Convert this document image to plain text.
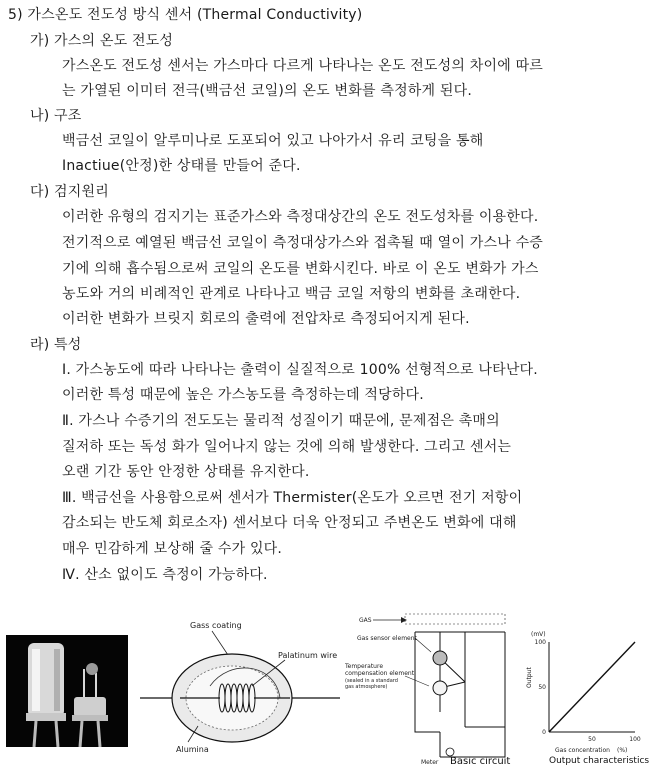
5) 가스온도 전도성 방식 센서 (Thermal Conductivity)
가) 가스의 온도 전도성
가스온도 전도성 센서는 가스마다 다르게 나타나는 온도 전도성의 차이에 따르
는 가열된 이미터 전극(백금선 코일)의 온도 변화를 측정하게 된다.
나) 구조
백금선 코일이 알루미나로 도포되어 있고 나아가서 유리 코팅을 통해
Inactiue(안정)한 상태를 만들어 준다.
다) 검지원리
이러한 유형의 검지기는 표준가스와 측정대상간의 온도 전도성차를 이용한다.
전기적으로 예열된 백금선 코일이 측정대상가스와 접촉될 때 열이 가스나 수증
기에 의해 흡수됨으로써 코일의 온도를 변화시킨다. 바로 이 온도 변화가 가스
농도와 거의 비례적인 관계로 나타나고 백금 코일 저항의 변화를 초래한다.
이러한 변화가 브릿지 회로의 출력에 전압차로 측정되어지게 된다.
라) 특성
Ⅰ. 가스농도에 따라 나타나는 출력이 실질적으로 100% 선형적으로 나타난다.
이러한 특성 때문에 높은 가스농도를 측정하는데 적당하다.
Ⅱ. 가스나 수증기의 전도도는 물리적 성질이기 때문에, 문제점은 촉매의
질저하 또는 독성 화가 일어나지 않는 것에 의해 발생한다. 그리고 센서는
오랜 기간 동안 안정한 상태를 유지한다.
Ⅲ. 백금선을 사용함으로써 센서가 Thermister(온도가 오르면 전기 저항이
감소되는 반도체 회로소자) 센서보다 더욱 안정되고 주변온도 변화에 대해
매우 민감하게 보상해 줄 수가 있다.
Ⅳ. 산소 없이도 측정이 가능하다.
Gass coating
Palatinum wire
Alumina
GAS
Gas sensor element
Temperature
compensation element
(sealed in a standard
gas atmosphere)
Meter Basic circuit
(mV)
Output
100
50
0
50	100
Gas concentration (%)
Output characteristics
